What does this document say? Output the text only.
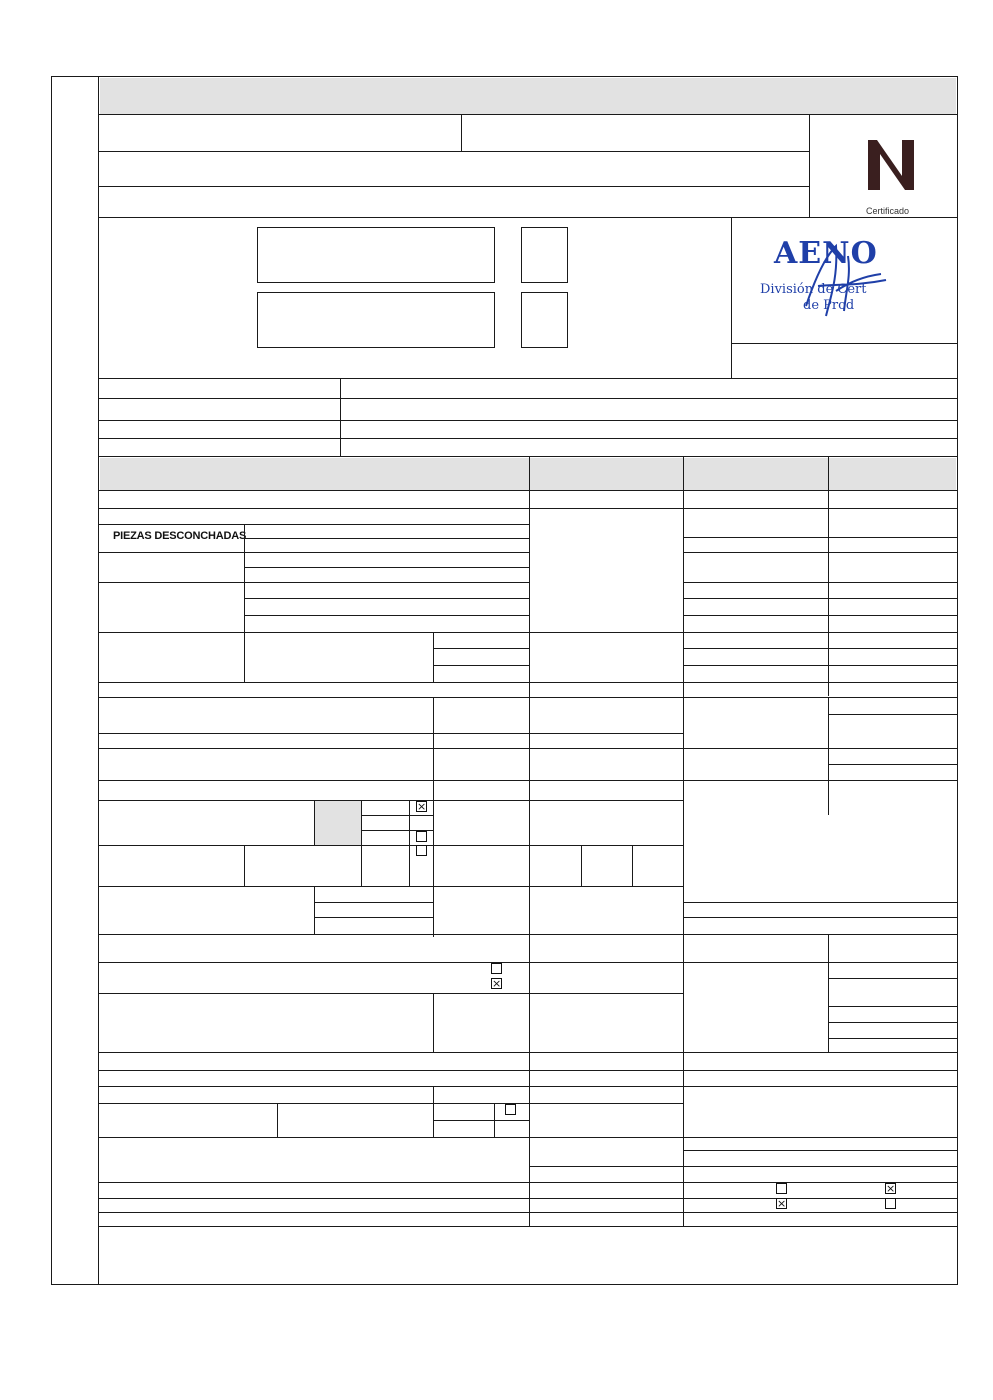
Certificado
AENO
División de Cert
de Prod
PIEZAS DESCONCHADAS
×
×
×
×
